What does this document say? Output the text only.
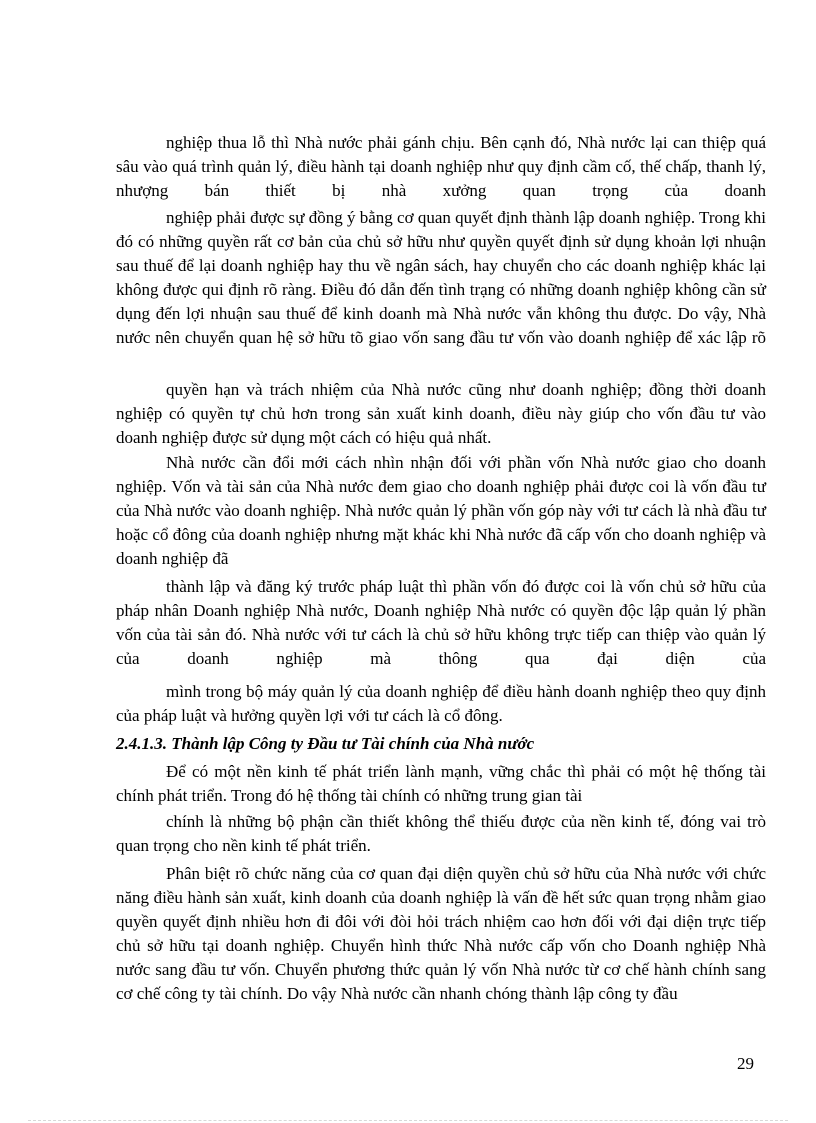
nghiệp thua lỗ thì Nhà nước phải gánh chịu. Bên cạnh đó, Nhà nước lại can thiệp quá sâu vào quá trình quản lý, điều hành tại doanh nghiệp như quy định cầm cố, thế chấp, thanh lý, nhượng bán thiết bị nhà xưởng quan trọng của doanh

nghiệp phải được sự đồng ý bằng cơ quan quyết định thành lập doanh nghiệp. Trong khi đó có những quyền rất cơ bản của chủ sở hữu như quyền quyết định sử dụng khoản lợi nhuận sau thuế để lại doanh nghiệp hay thu về ngân sách, hay chuyển cho các doanh nghiệp khác lại không được qui định rõ ràng. Điều đó dẫn đến tình trạng có những doanh nghiệp không cần sử dụng đến lợi nhuận sau thuế để kinh doanh mà Nhà nước vẫn không thu được. Do vậy, Nhà nước nên chuyển quan hệ sở hữu tõ giao vốn sang đầu tư vốn vào doanh nghiệp để xác lập rõ

quyền hạn và trách nhiệm của Nhà nước cũng như doanh nghiệp; đồng thời doanh nghiệp có quyền tự chủ hơn trong sản xuất kinh doanh, điều này giúp cho vốn đầu tư vào doanh nghiệp được sử dụng một cách có hiệu quả nhất.

Nhà nước cần đổi mới cách nhìn nhận đối với phần vốn Nhà nước giao cho doanh nghiệp. Vốn và tài sản của Nhà nước đem giao cho doanh nghiệp phải được coi là vốn đầu tư của Nhà nước vào doanh nghiệp. Nhà nước quản lý phần vốn góp này với tư cách là nhà đầu tư hoặc cổ đông của doanh nghiệp nhưng mặt khác khi Nhà nước đã cấp vốn cho doanh nghiệp và doanh nghiệp đã

thành lập và đăng ký trước pháp luật thì phần vốn đó được coi là vốn chủ sở hữu của pháp nhân Doanh nghiệp Nhà nước, Doanh nghiệp Nhà nước có quyền độc lập quản lý phần vốn của tài sản đó. Nhà nước với tư cách là chủ sở hữu không trực tiếp can thiệp vào quản lý của doanh nghiệp mà thông qua đại diện của

mình trong bộ máy quản lý của doanh nghiệp để điều hành doanh nghiệp theo quy định của pháp luật và hưởng quyền lợi với tư cách là cổ đông.

2.4.1.3. Thành lập Công ty Đầu tư Tài chính của Nhà nước

Để có một nền kinh tế phát triển lành mạnh, vững chắc thì phải có một hệ thống tài chính phát triển. Trong đó hệ thống tài chính có những trung gian tài

chính là những bộ phận cần thiết không thể thiếu được của nền kinh tế, đóng vai trò quan trọng cho nền kinh tế phát triển.

Phân biệt rõ chức năng của cơ quan đại diện quyền chủ sở hữu của Nhà nước với chức năng điều hành sản xuất, kinh doanh của doanh nghiệp là vấn đề hết sức quan trọng nhằm giao quyền quyết định nhiều hơn đi đôi với đòi hỏi trách nhiệm cao hơn đối với đại diện trực tiếp chủ sở hữu tại doanh nghiệp. Chuyển hình thức Nhà nước cấp vốn cho Doanh nghiệp Nhà nước sang đầu tư vốn. Chuyển phương thức quản lý vốn Nhà nước từ cơ chế hành chính sang cơ chế công ty tài chính. Do vậy Nhà nước cần nhanh chóng thành lập công ty đầu

29
